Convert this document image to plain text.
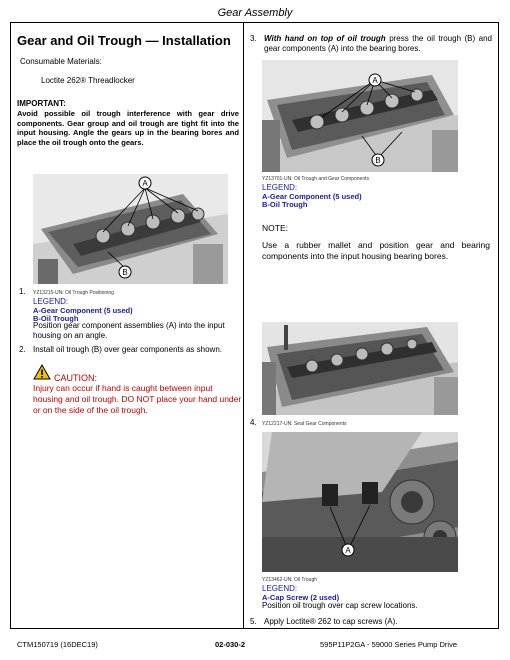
Gear Assembly
Gear and Oil Trough — Installation
Consumable Materials:
Loctite 262® Threadlocker
IMPORTANT:
Avoid possible oil trough interference with gear drive components. Gear group and oil trough are tight fit into the input housing. Angle the gears up in the bearing bores and place the oil trough onto the gears.
A
B
1. YZ13215-UN: Oil Trough Positioning
LEGEND:
A-Gear Component (5 used)
B-Oil Trough
Position gear component assemblies (A) into the input housing on an angle.
2. Install oil trough (B) over gear components as shown.
CAUTION:
Injury can occur if hand is caught between input housing and oil trough. DO NOT place your hand under or on the side of the oil trough.
3. With hand on top of oil trough press the oil trough (B) and gear components (A) into the bearing bores.
A
B
YZ13701-UN: Oil Trough and Gear Components
LEGEND:
A-Gear Component (5 used)
B-Oil Trough
NOTE:
Use a rubber mallet and position gear and bearing components into the input housing bearing bores.
4. YZ12217-UN: Seat Gear Components
A
YZ13462-UN: Oil Trough
LEGEND:
A-Cap Screw (2 used)
Position oil trough over cap screw locations.
5. Apply Loctite® 262 to cap screws (A).
CTM150719 (16DEC19)	02-030-2	595P11P2GA - 59000 Series Pump Drive
